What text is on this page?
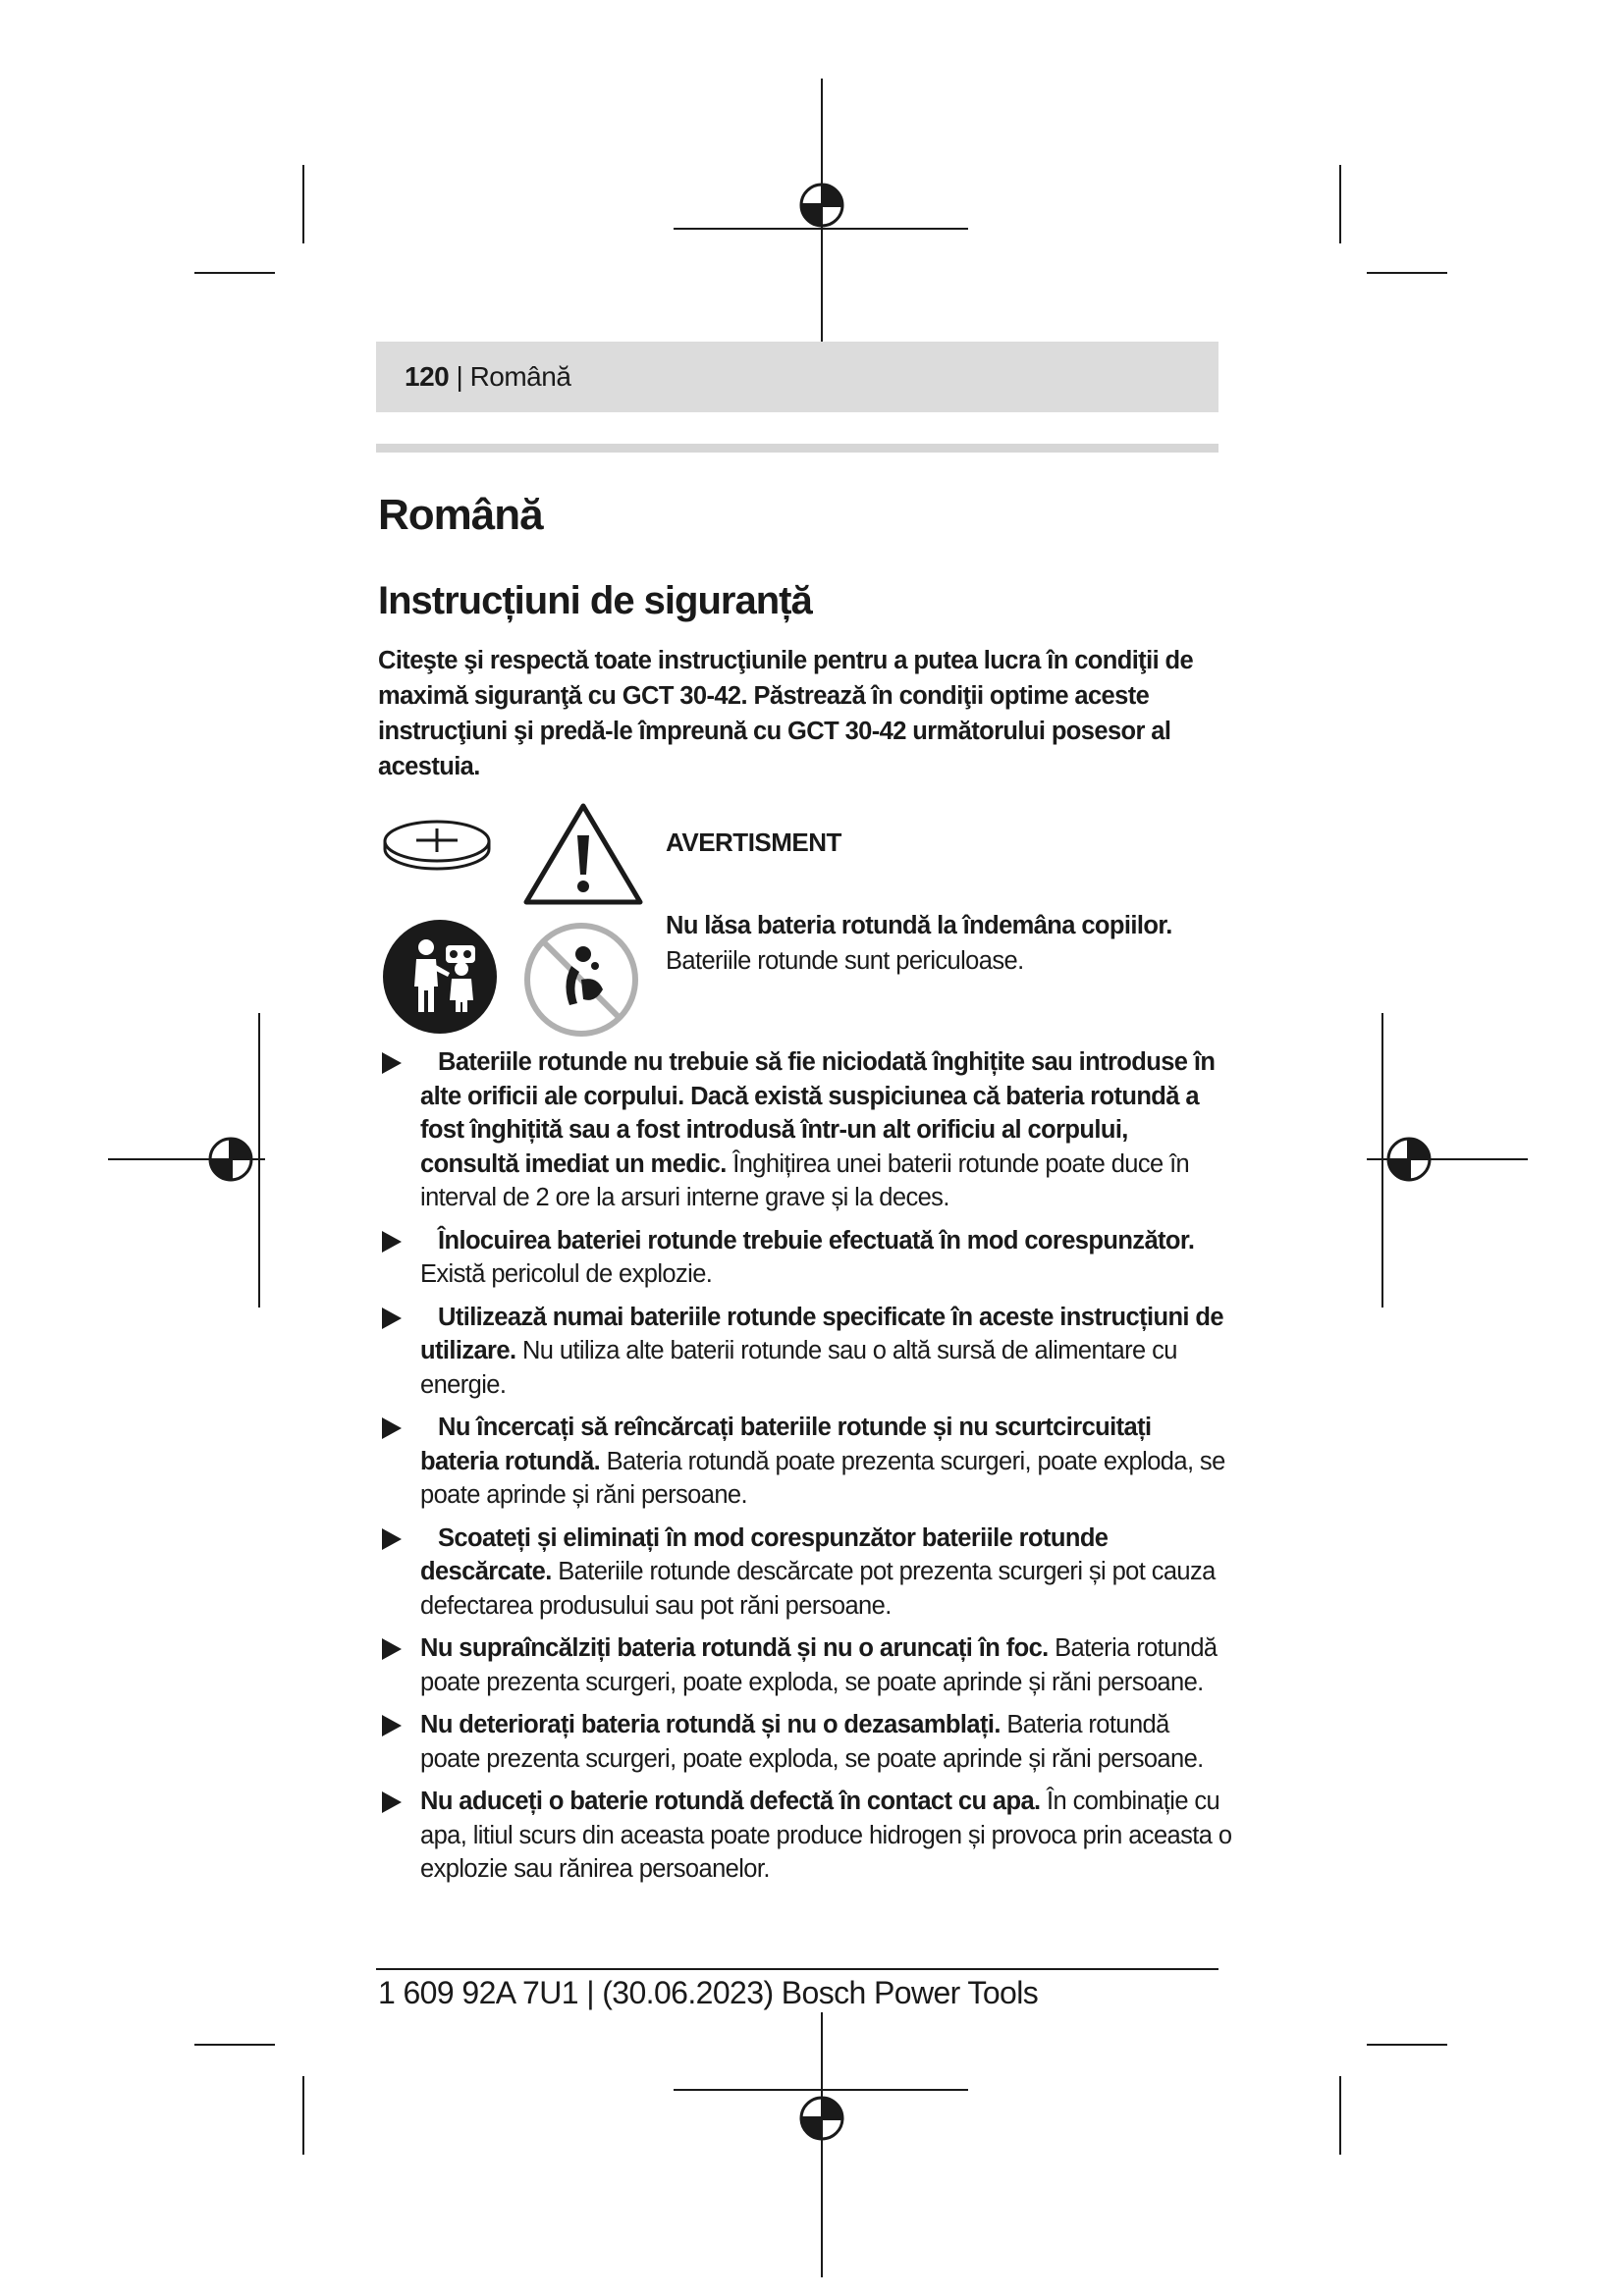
120 | Română
Română
Instrucțiuni de siguranță
Citeşte şi respectă toate instrucţiunile pentru a putea lucra în condiţii de maximă siguranţă cu GCT 30-42. Păstrează în condiţii optime aceste instrucţiuni şi predă-le împreună cu GCT 30-42 următorului posesor al acestuia.
AVERTISMENT
Nu lăsa bateria rotundă la îndemâna copiilor.
Bateriile rotunde sunt periculoase.
Bateriile rotunde nu trebuie să fie niciodată înghițite sau introduse în alte orificii ale corpului. Dacă există suspiciunea că bateria rotundă a fost înghițită sau a fost introdusă într-un alt orificiu al corpului, consultă imediat un medic. Înghițirea unei baterii rotunde poate duce în interval de 2 ore la arsuri interne grave și la deces.
Înlocuirea bateriei rotunde trebuie efectuată în mod corespunzător. Există pericolul de explozie.
Utilizează numai bateriile rotunde specificate în aceste instrucțiuni de utilizare. Nu utiliza alte baterii rotunde sau o altă sursă de alimentare cu energie.
Nu încercați să reîncărcați bateriile rotunde și nu scurtcircuitați bateria rotundă. Bateria rotundă poate prezenta scurgeri, poate exploda, se poate aprinde și răni persoane.
Scoateți și eliminați în mod corespunzător bateriile rotunde descărcate. Bateriile rotunde descărcate pot prezenta scurgeri și pot cauza defectarea produsului sau pot răni persoane.
Nu supraîncălziți bateria rotundă și nu o aruncați în foc. Bateria rotundă poate prezenta scurgeri, poate exploda, se poate aprinde și răni persoane.
Nu deteriorați bateria rotundă și nu o dezasamblați. Bateria rotundă poate prezenta scurgeri, poate exploda, se poate aprinde și răni persoane.
Nu aduceți o baterie rotundă defectă în contact cu apa. În combinație cu apa, litiul scurs din aceasta poate produce hidrogen și provoca prin aceasta o explozie sau rănirea persoanelor.
1 609 92A 7U1 | (30.06.2023) Bosch Power Tools
